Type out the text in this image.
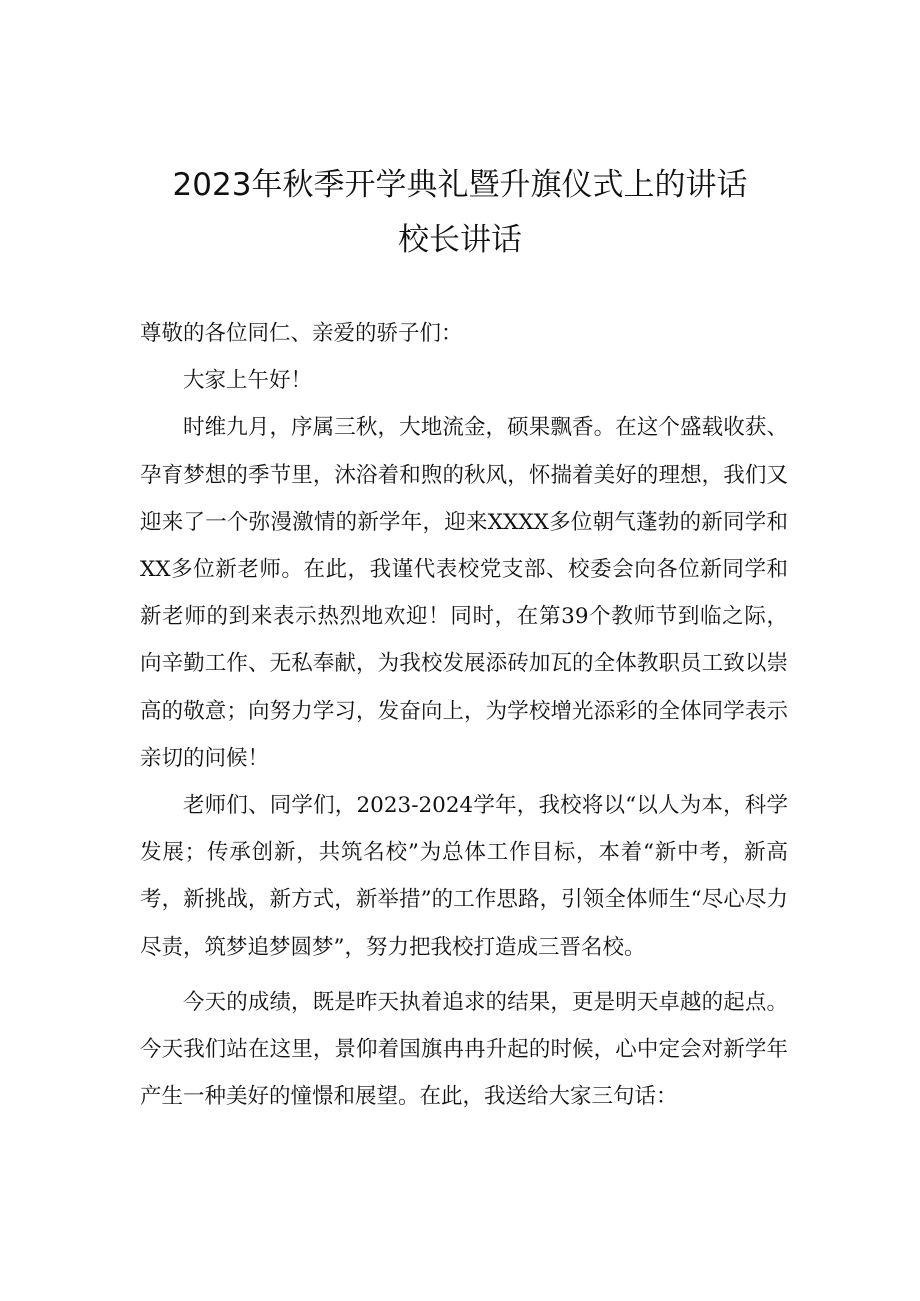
2023年秋季开学典礼暨升旗仪式上的讲话
校长讲话

尊敬的各位同仁、亲爱的骄子们：

大家上午好！

时维九月，序属三秋，大地流金，硕果飘香。在这个盛载收获、孕育梦想的季节里，沐浴着和煦的秋风，怀揣着美好的理想，我们又迎来了一个弥漫激情的新学年，迎来XXXX多位朝气蓬勃的新同学和XX多位新老师。在此，我谨代表校党支部、校委会向各位新同学和新老师的到来表示热烈地欢迎！同时，在第39个教师节到临之际，向辛勤工作、无私奉献，为我校发展添砖加瓦的全体教职员工致以崇高的敬意；向努力学习，发奋向上，为学校增光添彩的全体同学表示亲切的问候！

老师们、同学们，2023-2024学年，我校将以“以人为本，科学发展；传承创新，共筑名校”为总体工作目标，本着“新中考，新高考，新挑战，新方式，新举措”的工作思路，引领全体师生“尽心尽力尽责，筑梦追梦圆梦”，努力把我校打造成三晋名校。

今天的成绩，既是昨天执着追求的结果，更是明天卓越的起点。今天我们站在这里，景仰着国旗冉冉升起的时候，心中定会对新学年产生一种美好的憧憬和展望。在此，我送给大家三句话：
